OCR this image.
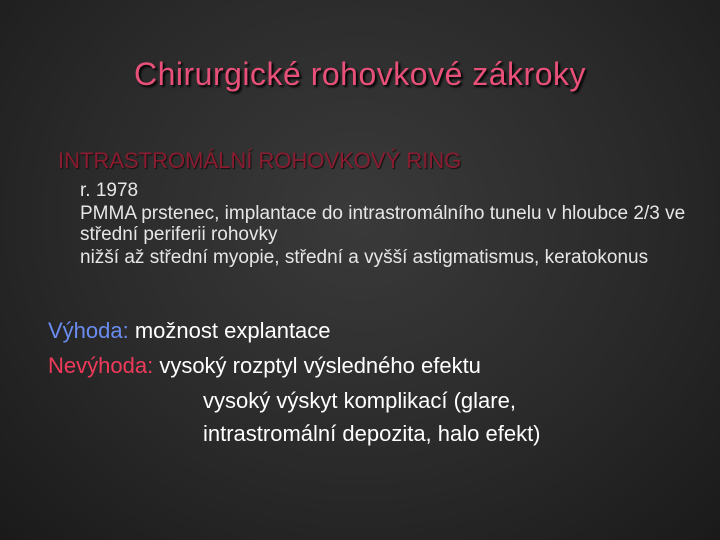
Chirurgické rohovkové zákroky
INTRASTROMÁLNÍ ROHOVKOVÝ RING
r. 1978
PMMA prstenec, implantace do intrastromálního tunelu v hloubce 2/3 ve střední periferii rohovky
nižší až střední myopie, střední a vyšší astigmatismus, keratokonus
Výhoda: možnost explantace
Nevýhoda: vysoký rozptyl výsledného efektu
vysoký výskyt komplikací (glare,
intrastromální depozita, halo efekt)
